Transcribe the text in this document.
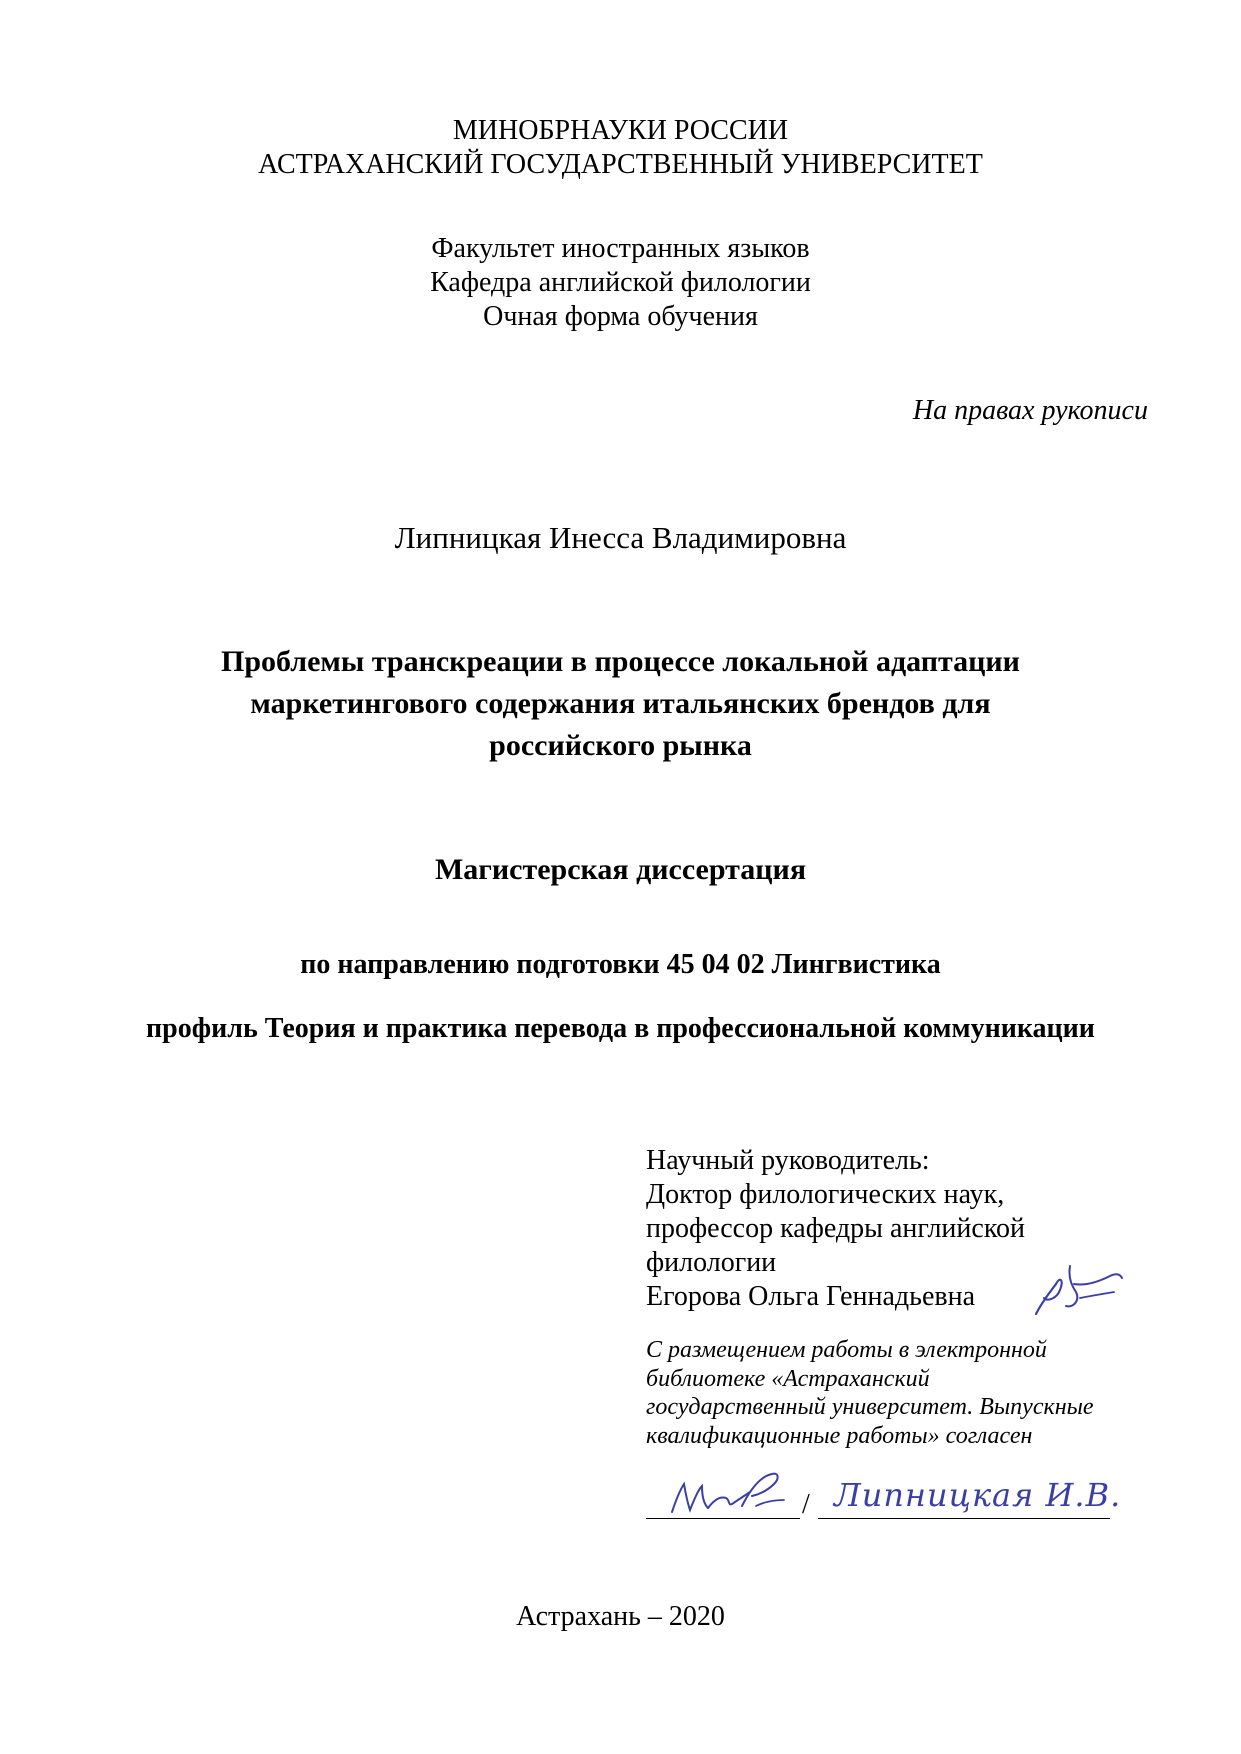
МИНОБРНАУКИ РОССИИ
АСТРАХАНСКИЙ ГОСУДАРСТВЕННЫЙ УНИВЕРСИТЕТ
Факультет иностранных языков
Кафедра английской филологии
Очная форма обучения
На правах рукописи
Липницкая Инесса Владимировна
Проблемы транскреации в процессе локальной адаптации
маркетингового содержания итальянских брендов для
российского рынка
Магистерская диссертация
по направлению подготовки 45 04 02 Лингвистика
профиль Теория и практика перевода в профессиональной коммуникации
Научный руководитель:
Доктор филологических наук,
профессор кафедры английской
филологии
Егорова Ольга Геннадьевна
С размещением работы в электронной
библиотеке «Астраханский
государственный университет. Выпускные
квалификационные работы» согласен
/ Липницкая И.В.
Астрахань – 2020
